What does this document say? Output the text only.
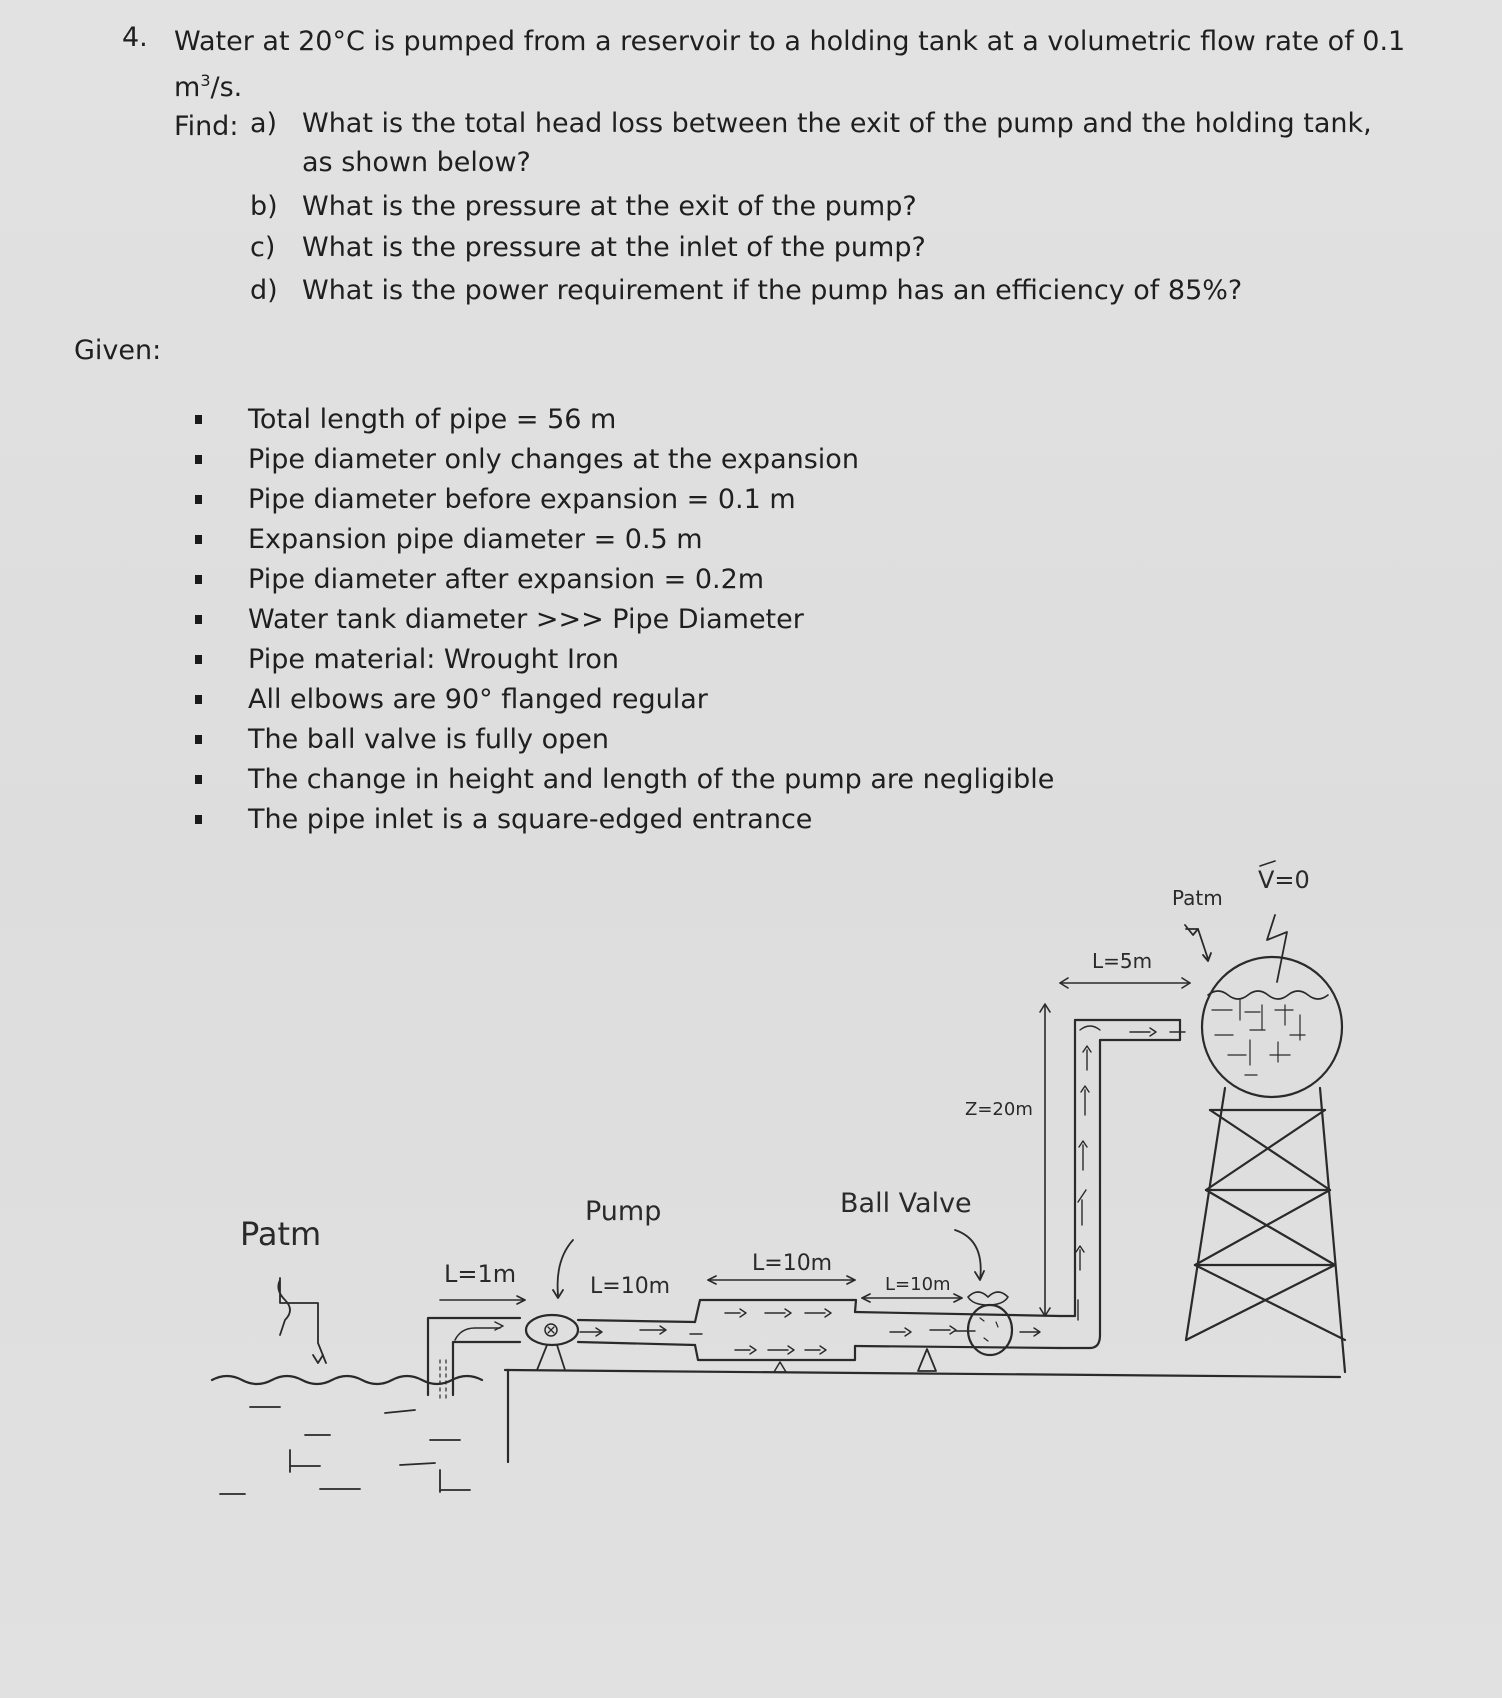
4. Water at 20°C is pumped from a reservoir to a holding tank at a volumetric flow rate of 0.1 $m^3/s$.
Find: a) What is the total head loss between the exit of the pump and the holding tank, as shown below?
b) What is the pressure at the exit of the pump?
c) What is the pressure at the inlet of the pump?
d) What is the power requirement if the pump has an efficiency of 85%?
Given:
Total length of pipe = 56 m
Pipe diameter only changes at the expansion
Pipe diameter before expansion = 0.1 m
Expansion pipe diameter = 0.5 m
Pipe diameter after expansion = 0.2m
Water tank diameter >>> Pipe Diameter
Pipe material: Wrought Iron
All elbows are 90° flanged regular
The ball valve is fully open
The change in height and length of the pump are negligible
The pipe inlet is a square-edged entrance
Patm
L=1m
Pump
L=10m
L=10m
L=10m
Ball Valve
Z=20m
L=5m
Patm
V=0
